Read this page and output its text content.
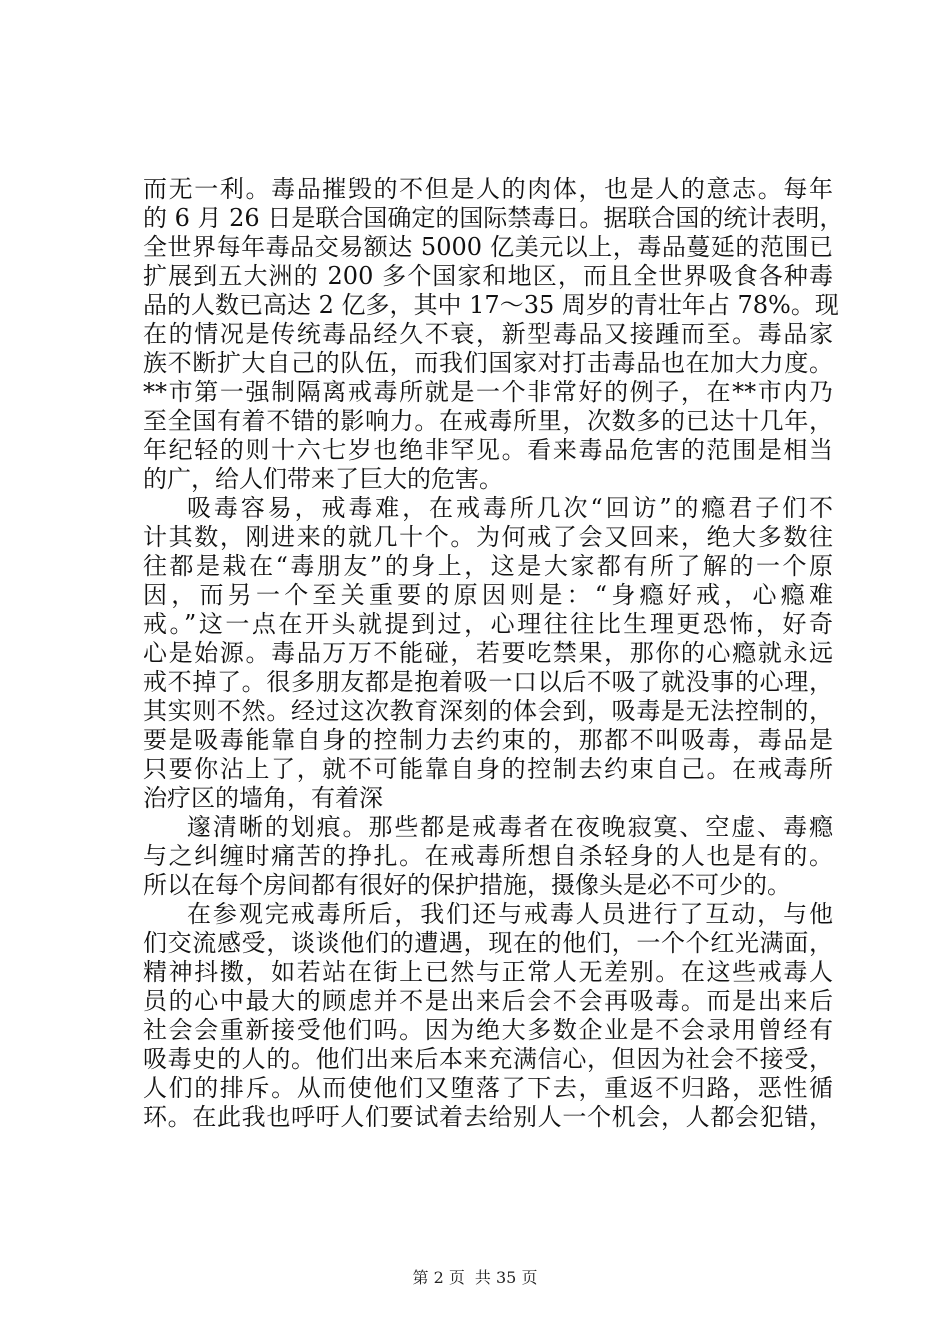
而无一利。毒品摧毁的不但是人的肉体，也是人的意志。每年
的 6 月 26 日是联合国确定的国际禁毒日。据联合国的统计表明，
全世界每年毒品交易额达 5000 亿美元以上，毒品蔓延的范围已
扩展到五大洲的 200 多个国家和地区，而且全世界吸食各种毒
品的人数已高达 2 亿多，其中 17～35 周岁的青壮年占 78%。现
在的情况是传统毒品经久不衰，新型毒品又接踵而至。毒品家
族不断扩大自己的队伍，而我们国家对打击毒品也在加大力度。
**市第一强制隔离戒毒所就是一个非常好的例子，在**市内乃
至全国有着不错的影响力。在戒毒所里，次数多的已达十几年，
年纪轻的则十六七岁也绝非罕见。看来毒品危害的范围是相当
的广，给人们带来了巨大的危害。
吸毒容易，戒毒难，在戒毒所几次“回访”的瘾君子们不
计其数，刚进来的就几十个。为何戒了会又回来，绝大多数往
往都是栽在“毒朋友”的身上，这是大家都有所了解的一个原
因，而另一个至关重要的原因则是：“身瘾好戒，心瘾难
戒。”这一点在开头就提到过，心理往往比生理更恐怖，好奇
心是始源。毒品万万不能碰，若要吃禁果，那你的心瘾就永远
戒不掉了。很多朋友都是抱着吸一口以后不吸了就没事的心理，
其实则不然。经过这次教育深刻的体会到，吸毒是无法控制的，
要是吸毒能靠自身的控制力去约束的，那都不叫吸毒，毒品是
只要你沾上了，就不可能靠自身的控制去约束自己。在戒毒所
治疗区的墙角，有着深
邃清晰的划痕。那些都是戒毒者在夜晚寂寞、空虚、毒瘾
与之纠缠时痛苦的挣扎。在戒毒所想自杀轻身的人也是有的。
所以在每个房间都有很好的保护措施，摄像头是必不可少的。
在参观完戒毒所后，我们还与戒毒人员进行了互动，与他
们交流感受，谈谈他们的遭遇，现在的他们，一个个红光满面，
精神抖擞，如若站在街上已然与正常人无差别。在这些戒毒人
员的心中最大的顾虑并不是出来后会不会再吸毒。而是出来后
社会会重新接受他们吗。因为绝大多数企业是不会录用曾经有
吸毒史的人的。他们出来后本来充满信心，但因为社会不接受，
人们的排斥。从而使他们又堕落了下去，重返不归路，恶性循
环。在此我也呼吁人们要试着去给别人一个机会，人都会犯错，
第 2 页 共 35 页
